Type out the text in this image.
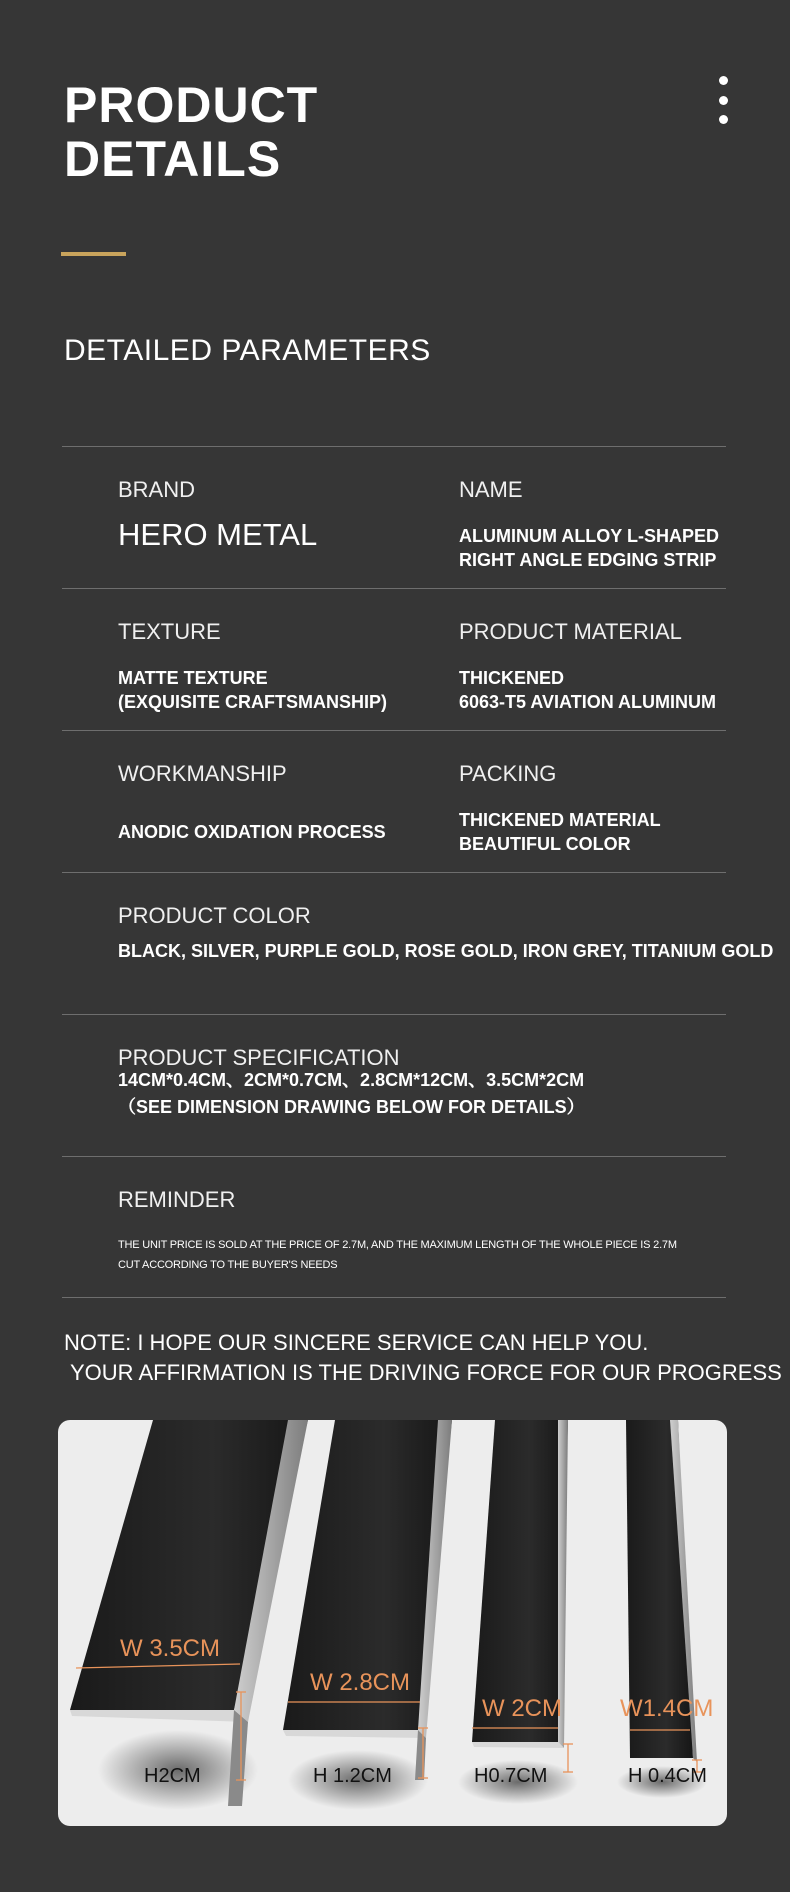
PRODUCT
DETAILS
DETAILED PARAMETERS
BRAND
HERO METAL
NAME
ALUMINUM ALLOY L-SHAPED
RIGHT ANGLE EDGING STRIP
TEXTURE
MATTE TEXTURE
(EXQUISITE CRAFTSMANSHIP)
PRODUCT MATERIAL
THICKENED
6063-T5 AVIATION ALUMINUM
WORKMANSHIP
ANODIC OXIDATION PROCESS
PACKING
THICKENED MATERIAL
BEAUTIFUL COLOR
PRODUCT COLOR
BLACK, SILVER, PURPLE GOLD, ROSE GOLD, IRON GREY, TITANIUM GOLD
PRODUCT SPECIFICATION
14CM*0.4CM、2CM*0.7CM、2.8CM*12CM、3.5CM*2CM
（SEE DIMENSION DRAWING BELOW FOR DETAILS）
REMINDER
THE UNIT PRICE IS SOLD AT THE PRICE OF 2.7M, AND THE MAXIMUM LENGTH OF THE WHOLE PIECE IS 2.7M
CUT ACCORDING TO THE BUYER'S NEEDS
NOTE: I HOPE OUR SINCERE SERVICE CAN HELP YOU.
YOUR AFFIRMATION IS THE DRIVING FORCE FOR OUR PROGRESS
W 3.5CM
W 2.8CM
W 2CM W1.4CM
H2CM	H 1.2CM	H0.7CM	H 0.4CM
